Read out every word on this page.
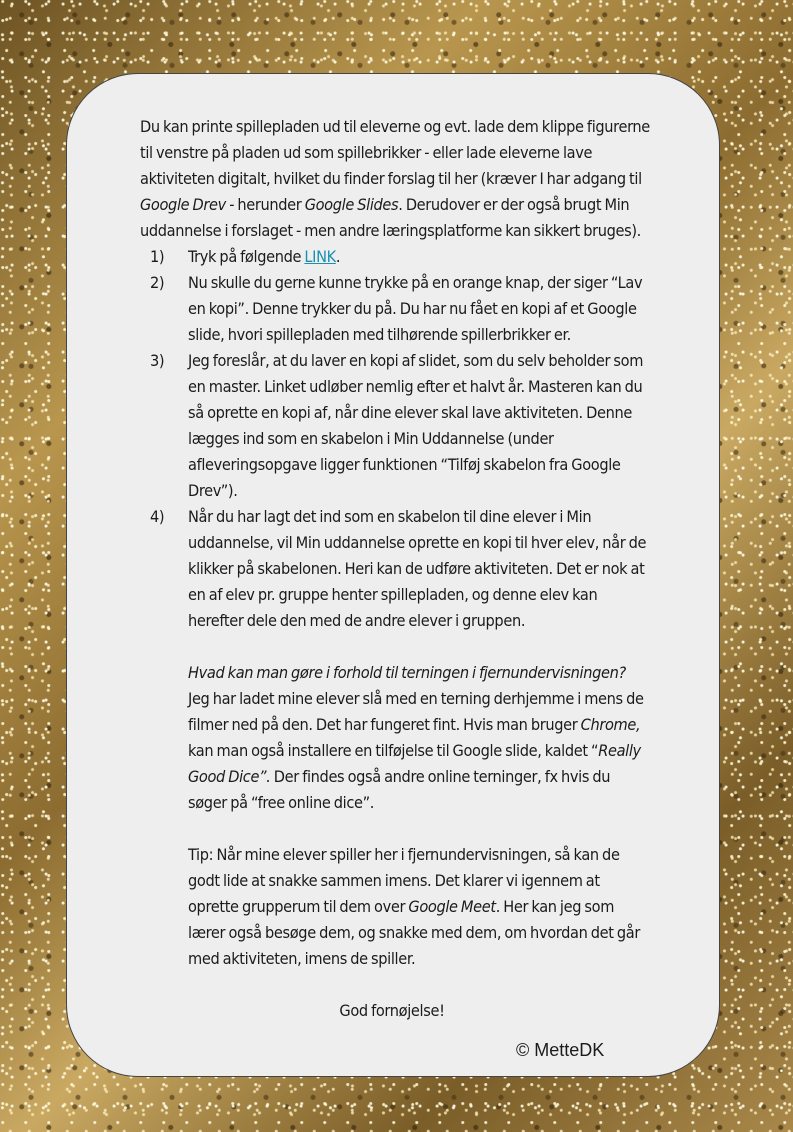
Du kan printe spillepladen ud til eleverne og evt. lade dem klippe figurerne til venstre på pladen ud som spillebrikker - eller lade eleverne lave aktiviteten digitalt, hvilket du finder forslag til her (kræver I har adgang til Google Drev - herunder Google Slides. Derudover er der også brugt Min uddannelse i forslaget - men andre læringsplatforme kan sikkert bruges).

1) Tryk på følgende LINK.
2) Nu skulle du gerne kunne trykke på en orange knap, der siger “Lav en kopi”. Denne trykker du på. Du har nu fået en kopi af et Google slide, hvori spillepladen med tilhørende spillerbrikker er.
3) Jeg foreslår, at du laver en kopi af slidet, som du selv beholder som en master. Linket udløber nemlig efter et halvt år. Masteren kan du så oprette en kopi af, når dine elever skal lave aktiviteten. Denne lægges ind som en skabelon i Min Uddannelse (under afleveringsopgave ligger funktionen “Tilføj skabelon fra Google Drev”).
4) Når du har lagt det ind som en skabelon til dine elever i Min uddannelse, vil Min uddannelse oprette en kopi til hver elev, når de klikker på skabelonen. Heri kan de udføre aktiviteten. Det er nok at en af elev pr. gruppe henter spillepladen, og denne elev kan herefter dele den med de andre elever i gruppen.
Hvad kan man gøre i forhold til terningen i fjernundervisningen?
Jeg har ladet mine elever slå med en terning derhjemme i mens de filmer ned på den. Det har fungeret fint. Hvis man bruger Chrome, kan man også installere en tilføjelse til Google slide, kaldet “Really Good Dice”. Der findes også andre online terninger, fx hvis du søger på “free online dice”.
Tip: Når mine elever spiller her i fjernundervisningen, så kan de godt lide at snakke sammen imens. Det klarer vi igennem at oprette grupperum til dem over Google Meet. Her kan jeg som lærer også besøge dem, og snakke med dem, om hvordan det går med aktiviteten, imens de spiller.

God fornøjelse!

© MetteDK
